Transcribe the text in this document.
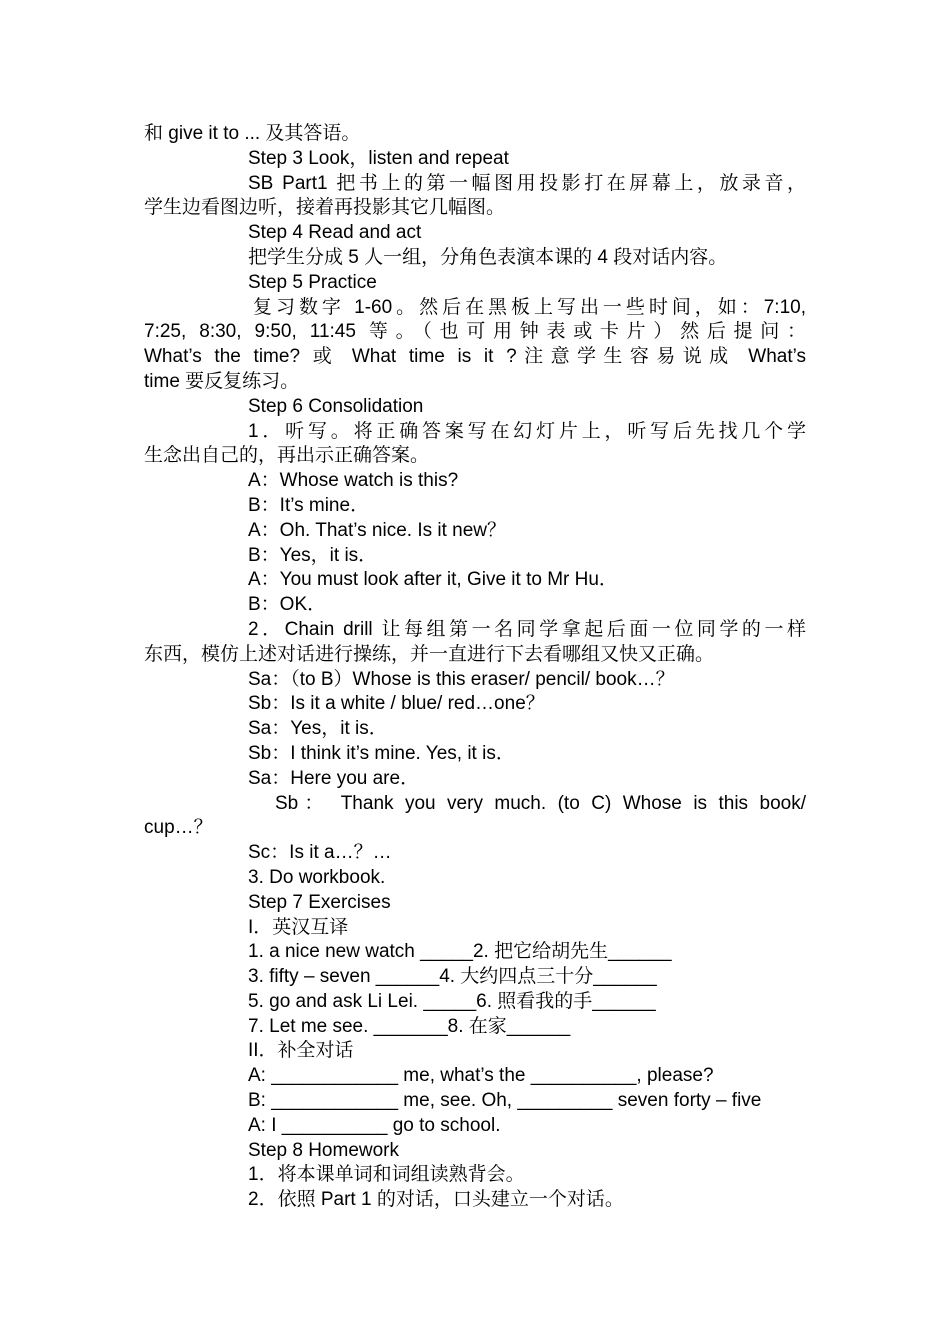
和 give it to ... 及其答语。
Step 3 Look，listen and repeat
SB Part1 把书上的第一幅图用投影打在屏幕上，放录音，
学生边看图边听，接着再投影其它几幅图。
Step 4 Read and act
把学生分成 5 人一组，分角色表演本课的 4 段对话内容。
Step 5 Practice
复习数字 1-60。然后在黑板上写出一些时间，如：7:10,
7:25, 8:30, 9:50, 11:45 等。（也可用钟表或卡片）然后提问：
What’s the time? 或 What time is it ?注意学生容易说成 What’s
time 要反复练习。
Step 6 Consolidation
1．听写。将正确答案写在幻灯片上，听写后先找几个学
生念出自己的，再出示正确答案。
A：Whose watch is this?
B：It’s mine．
A：Oh. That’s nice. Is it new？
B：Yes，it is．
A：You must look after it, Give it to Mr Hu．
B：OK．
2．Chain drill 让每组第一名同学拿起后面一位同学的一样
东西，模仿上述对话进行操练，并一直进行下去看哪组又快又正确。
Sa：（to B）Whose is this eraser/ pencil/ book…？
Sb：Is it a white / blue/ red…one？
Sa：Yes，it is．
Sb：I think it’s mine. Yes, it is．
Sa：Here you are．
Sb： Thank you very much. (to C) Whose is this book/
cup…？
Sc：Is it a…？…
3. Do workbook.
Step 7 Exercises
I．英汉互译
1. a nice new watch _____2. 把它给胡先生______
3. fifty – seven ______4. 大约四点三十分______
5. go and ask Li Lei. _____6. 照看我的手______
7. Let me see. _______8. 在家______
II．补全对话
A: ____________ me, what’s the __________, please?
B: ____________ me, see. Oh, _________ seven forty – five
A: I __________ go to school.
Step 8 Homework
1．将本课单词和词组读熟背会。
2．依照 Part 1 的对话，口头建立一个对话。
